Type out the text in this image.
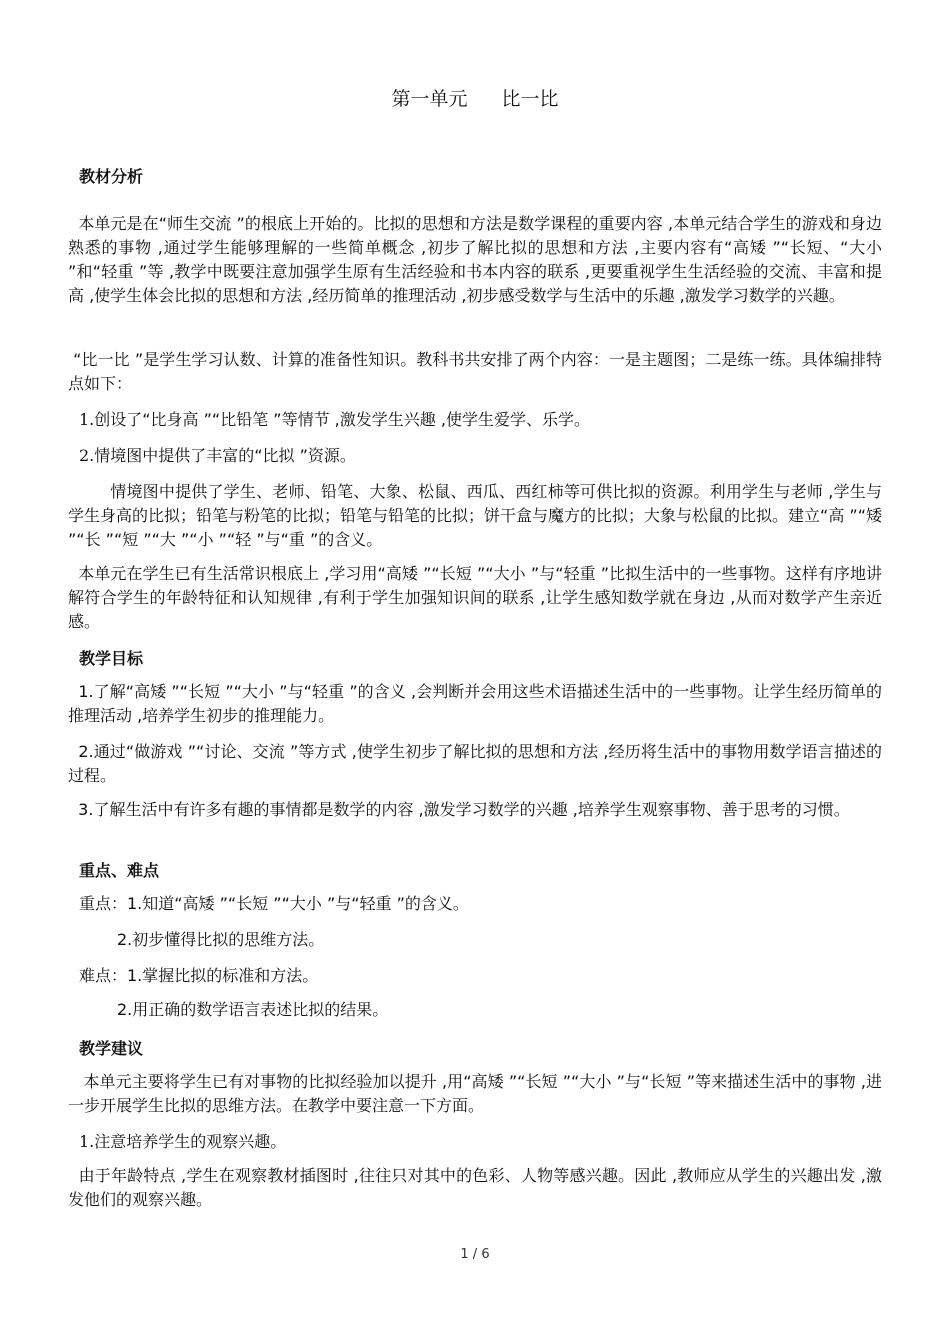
第一单元 比一比
教材分析
本单元是在“师生交流 ”的根底上开始的。比拟的思想和方法是数学课程的重要内容 ,本单元结合学生的游戏和身边熟悉的事物 ,通过学生能够理解的一些简单概念 ,初步了解比拟的思想和方法 ,主要内容有“高矮 ”“长短、“大小 ”和“轻重 ”等 ,教学中既要注意加强学生原有生活经验和书本内容的联系 ,更要重视学生生活经验的交流、丰富和提高 ,使学生体会比拟的思想和方法 ,经历简单的推理活动 ,初步感受数学与生活中的乐趣 ,激发学习数学的兴趣。
“比一比 ”是学生学习认数、计算的准备性知识。教科书共安排了两个内容：一是主题图；二是练一练。具体编排特点如下：
1.创设了“比身高 ”“比铅笔 ”等情节 ,激发学生兴趣 ,使学生爱学、乐学。
2.情境图中提供了丰富的“比拟 ”资源。
情境图中提供了学生、老师、铅笔、大象、松鼠、西瓜、西红柿等可供比拟的资源。利用学生与老师 ,学生与学生身高的比拟；铅笔与粉笔的比拟；铅笔与铅笔的比拟；饼干盒与魔方的比拟；大象与松鼠的比拟。建立“高 ”“矮 ”“长 ”“短 ”“大 ”“小 ”“轻 ”与“重 ”的含义。
本单元在学生已有生活常识根底上 ,学习用“高矮 ”“长短 ”“大小 ”与“轻重 ”比拟生活中的一些事物。这样有序地讲解符合学生的年龄特征和认知规律 ,有利于学生加强知识间的联系 ,让学生感知数学就在身边 ,从而对数学产生亲近感。
教学目标
1.了解“高矮 ”“长短 ”“大小 ”与“轻重 ”的含义 ,会判断并会用这些术语描述生活中的一些事物。让学生经历简单的推理活动 ,培养学生初步的推理能力。
2.通过“做游戏 ”“讨论、交流 ”等方式 ,使学生初步了解比拟的思想和方法 ,经历将生活中的事物用数学语言描述的过程。
3.了解生活中有许多有趣的事情都是数学的内容 ,激发学习数学的兴趣 ,培养学生观察事物、善于思考的习惯。
重点、难点
重点：1.知道“高矮 ”“长短 ”“大小 ”与“轻重 ”的含义。
2.初步懂得比拟的思维方法。
难点：1.掌握比拟的标准和方法。
2.用正确的数学语言表述比拟的结果。
教学建议
本单元主要将学生已有对事物的比拟经验加以提升 ,用“高矮 ”“长短 ”“大小 ”与“长短 ”等来描述生活中的事物 ,进一步开展学生比拟的思维方法。在教学中要注意一下方面。
1.注意培养学生的观察兴趣。
由于年龄特点 ,学生在观察教材插图时 ,往往只对其中的色彩、人物等感兴趣。因此 ,教师应从学生的兴趣出发 ,激发他们的观察兴趣。
1 / 6
